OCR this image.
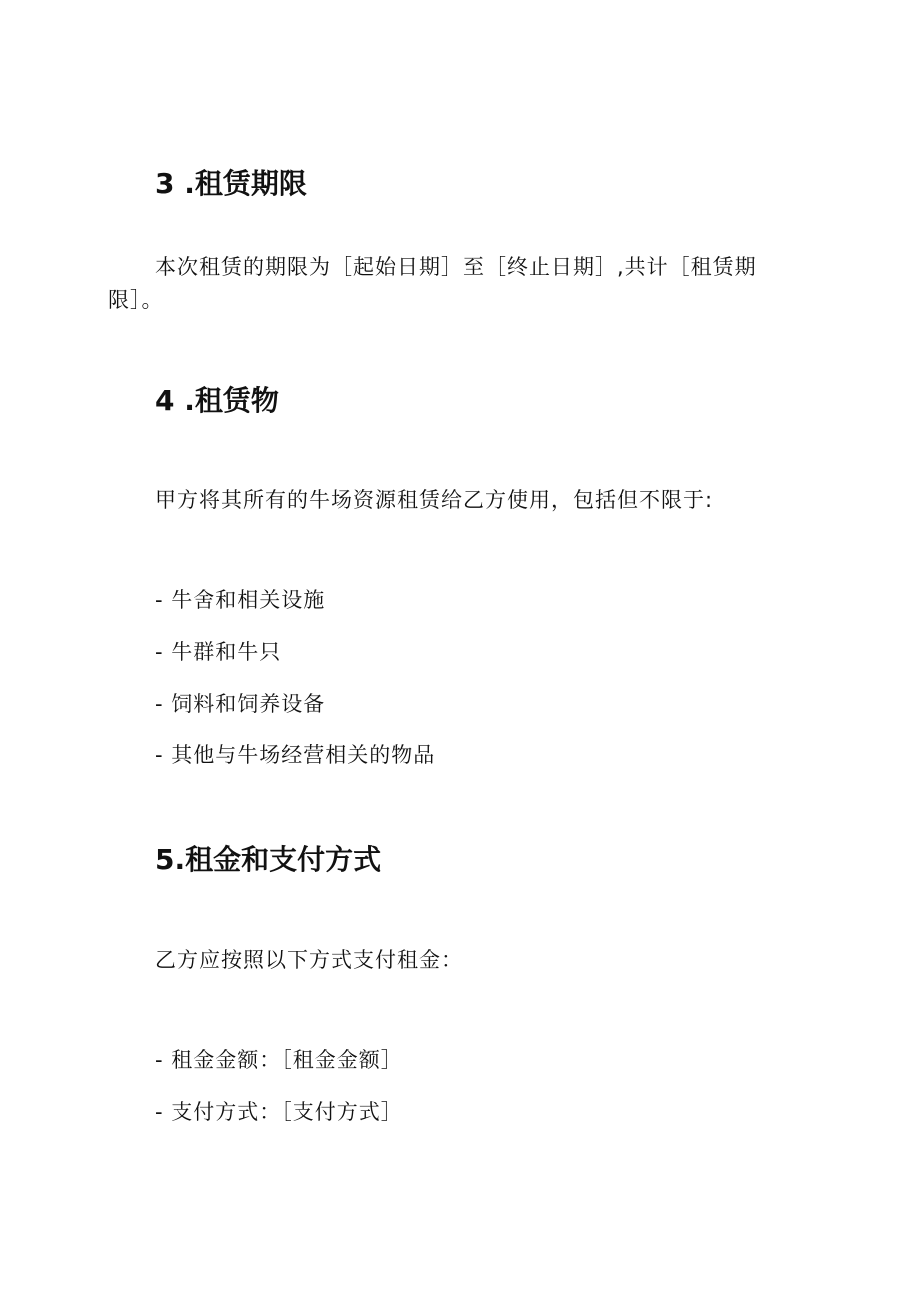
3 .租赁期限

本次租赁的期限为［起始日期］至［终止日期］,共计［租赁期限］。

4 .租赁物
甲方将其所有的牛场资源租赁给乙方使用，包括但不限于:
- 牛舍和相关设施
- 牛群和牛只
- 饲料和饲养设备
- 其他与牛场经营相关的物品
5.租金和支付方式
乙方应按照以下方式支付租金：
- 租金金额：［租金金额］
- 支付方式：［支付方式］
